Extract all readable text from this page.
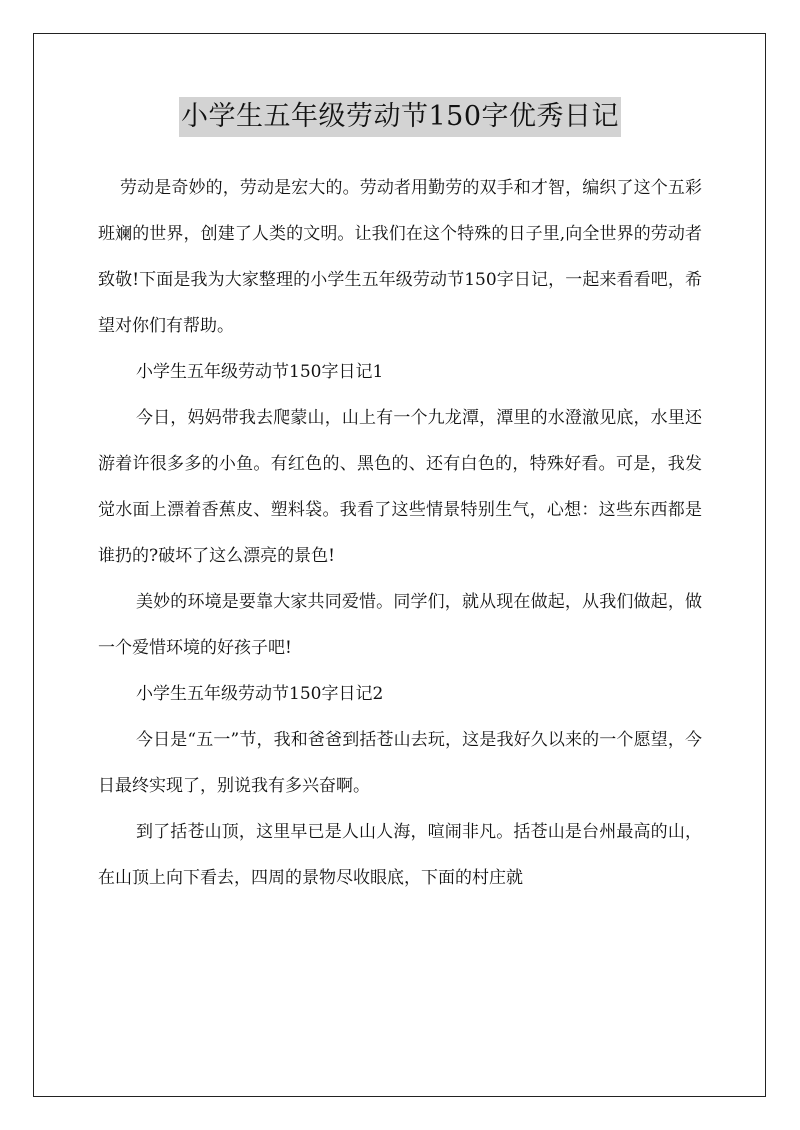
小学生五年级劳动节150字优秀日记

劳动是奇妙的，劳动是宏大的。劳动者用勤劳的双手和才智，编织了这个五彩班斓的世界，创建了人类的文明。让我们在这个特殊的日子里,向全世界的劳动者致敬!下面是我为大家整理的小学生五年级劳动节150字日记，一起来看看吧，希望对你们有帮助。

小学生五年级劳动节150字日记1

今日，妈妈带我去爬蒙山，山上有一个九龙潭，潭里的水澄澈见底，水里还游着许很多多的小鱼。有红色的、黑色的、还有白色的，特殊好看。可是，我发觉水面上漂着香蕉皮、塑料袋。我看了这些情景特别生气，心想：这些东西都是谁扔的?破坏了这么漂亮的景色!

美妙的环境是要靠大家共同爱惜。同学们，就从现在做起，从我们做起，做一个爱惜环境的好孩子吧!

小学生五年级劳动节150字日记2

今日是“五一”节，我和爸爸到括苍山去玩，这是我好久以来的一个愿望，今日最终实现了，别说我有多兴奋啊。

到了括苍山顶，这里早已是人山人海，喧闹非凡。括苍山是台州最高的山，在山顶上向下看去，四周的景物尽收眼底，下面的村庄就
